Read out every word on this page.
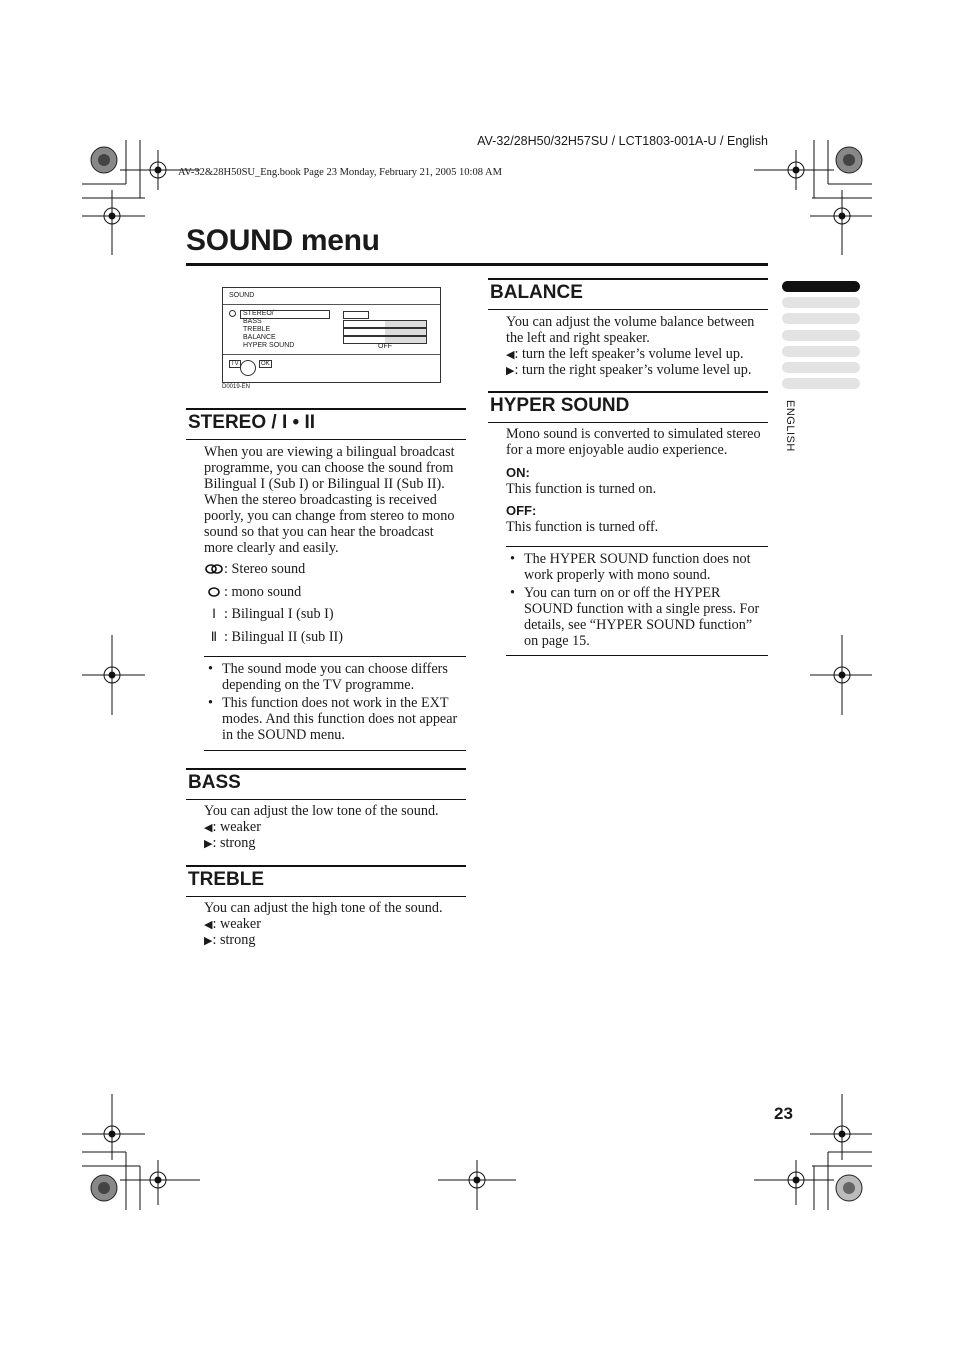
AV-32/28H50/32H57SU / LCT1803-001A-U / English
AV-32&28H50SU_Eng.book Page 23 Monday, February 21, 2005 10:08 AM
SOUND menu
ENGLISH
SOUND
STEREO/
BASS
TREBLE
BALANCE
HYPER SOUND	OFF
TV	OK
D0019-EN
STEREO / I • II
When you are viewing a bilingual broadcast programme, you can choose the sound from Bilingual I (Sub I) or Bilingual II (Sub II). When the stereo broadcasting is received poorly, you can change from stereo to mono sound so that you can hear the broadcast more clearly and easily.
: Stereo sound
: mono sound
Ⅰ : Bilingual I (sub I)
Ⅱ : Bilingual II (sub II)
• The sound mode you can choose differs depending on the TV programme.
• This function does not work in the EXT modes. And this function does not appear in the SOUND menu.
BASS
You can adjust the low tone of the sound.
◀: weaker
▶: strong
TREBLE
You can adjust the high tone of the sound.
◀: weaker
▶: strong
BALANCE
You can adjust the volume balance between the left and right speaker.
◀: turn the left speaker’s volume level up.
▶: turn the right speaker’s volume level up.
HYPER SOUND
Mono sound is converted to simulated stereo for a more enjoyable audio experience.
ON:
This function is turned on.
OFF:
This function is turned off.
• The HYPER SOUND function does not work properly with mono sound.
• You can turn on or off the HYPER SOUND function with a single press. For details, see “HYPER SOUND function” on page 15.
23
